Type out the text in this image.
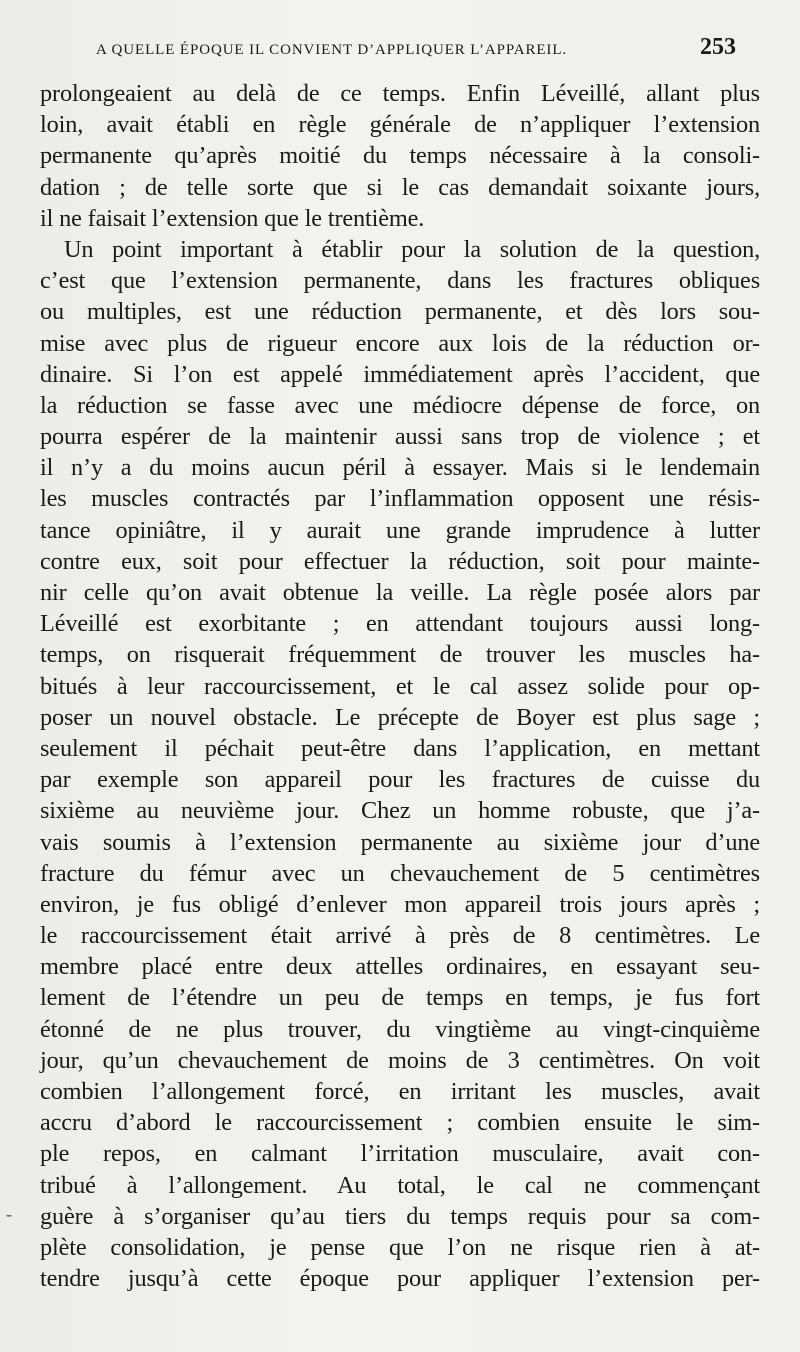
A QUELLE ÉPOQUE IL CONVIENT D’APPLIQUER L’APPAREIL.	253
-
prolongeaient au delà de ce temps. Enfin Léveillé, allant plus
loin, avait établi en règle générale de n’appliquer l’extension
permanente qu’après moitié du temps nécessaire à la consoli-
dation ; de telle sorte que si le cas demandait soixante jours,
il ne faisait l’extension que le trentième.
Un point important à établir pour la solution de la question,
c’est que l’extension permanente, dans les fractures obliques
ou multiples, est une réduction permanente, et dès lors sou-
mise avec plus de rigueur encore aux lois de la réduction or-
dinaire. Si l’on est appelé immédiatement après l’accident, que
la réduction se fasse avec une médiocre dépense de force, on
pourra espérer de la maintenir aussi sans trop de violence ; et
il n’y a du moins aucun péril à essayer. Mais si le lendemain
les muscles contractés par l’inflammation opposent une résis-
tance opiniâtre, il y aurait une grande imprudence à lutter
contre eux, soit pour effectuer la réduction, soit pour mainte-
nir celle qu’on avait obtenue la veille. La règle posée alors par
Léveillé est exorbitante ; en attendant toujours aussi long-
temps, on risquerait fréquemment de trouver les muscles ha-
bitués à leur raccourcissement, et le cal assez solide pour op-
poser un nouvel obstacle. Le précepte de Boyer est plus sage ;
seulement il péchait peut-être dans l’application, en mettant
par exemple son appareil pour les fractures de cuisse du
sixième au neuvième jour. Chez un homme robuste, que j’a-
vais soumis à l’extension permanente au sixième jour d’une
fracture du fémur avec un chevauchement de 5 centimètres
environ, je fus obligé d’enlever mon appareil trois jours après ;
le raccourcissement était arrivé à près de 8 centimètres. Le
membre placé entre deux attelles ordinaires, en essayant seu-
lement de l’étendre un peu de temps en temps, je fus fort
étonné de ne plus trouver, du vingtième au vingt-cinquième
jour, qu’un chevauchement de moins de 3 centimètres. On voit
combien l’allongement forcé, en irritant les muscles, avait
accru d’abord le raccourcissement ; combien ensuite le sim-
ple repos, en calmant l’irritation musculaire, avait con-
tribué à l’allongement. Au total, le cal ne commençant
guère à s’organiser qu’au tiers du temps requis pour sa com-
plète consolidation, je pense que l’on ne risque rien à at-
tendre jusqu’à cette époque pour appliquer l’extension per-
